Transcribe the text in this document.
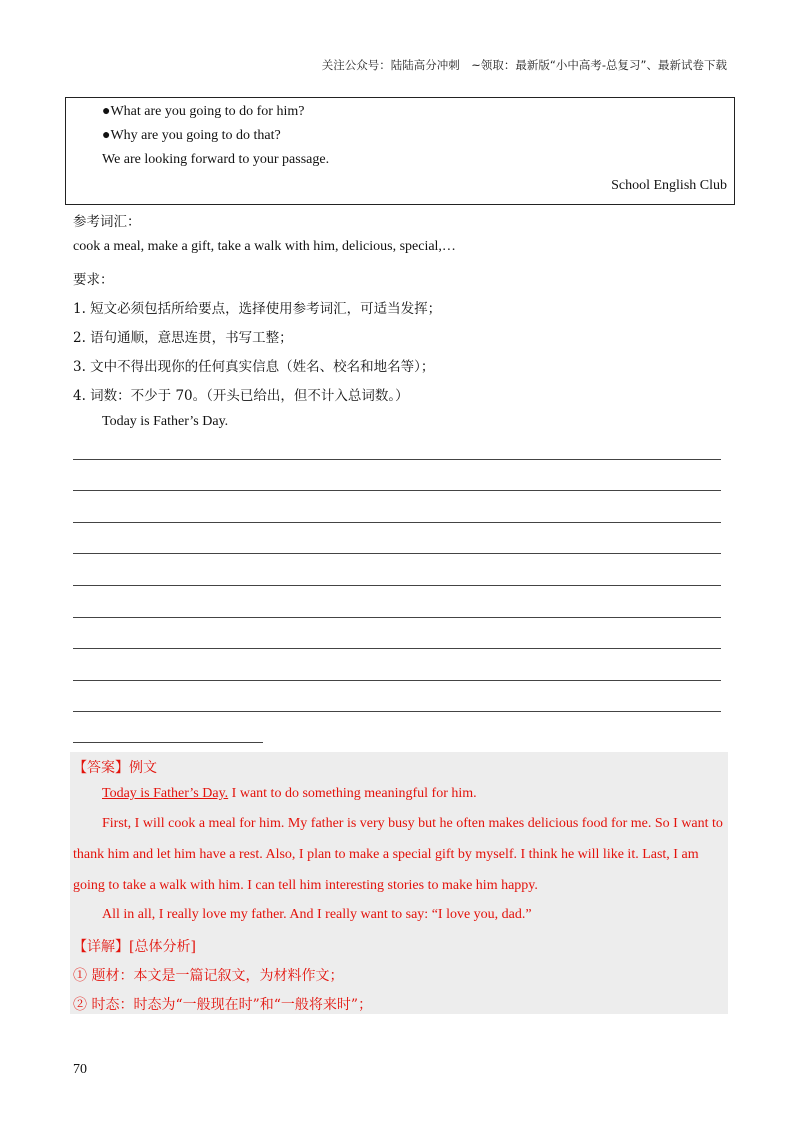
关注公众号：陆陆高分冲刺　~领取：最新版“小中高考-总复习”、最新试卷下载
●What are you going to do for him?
●Why are you going to do that?
We are looking forward to your passage.
School English Club
参考词汇：
cook a meal, make a gift, take a walk with him, delicious, special,…
要求：
1. 短文必须包括所给要点，选择使用参考词汇，可适当发挥；
2. 语句通顺，意思连贯，书写工整；
3. 文中不得出现你的任何真实信息（姓名、校名和地名等）；
4. 词数：不少于 70。（开头已给出，但不计入总词数。）
Today is Father’s Day.
【答案】例文
Today is Father’s Day. I want to do something meaningful for him.
First, I will cook a meal for him. My father is very busy but he often makes delicious food for me. So I want to
thank him and let him have a rest. Also, I plan to make a special gift by myself. I think he will like it. Last, I am
going to take a walk with him. I can tell him interesting stories to make him happy.
All in all, I really love my father. And I really want to say: “I love you, dad.”
【详解】[总体分析]
① 题材：本文是一篇记叙文，为材料作文；
② 时态：时态为“一般现在时”和“一般将来时”；
70
